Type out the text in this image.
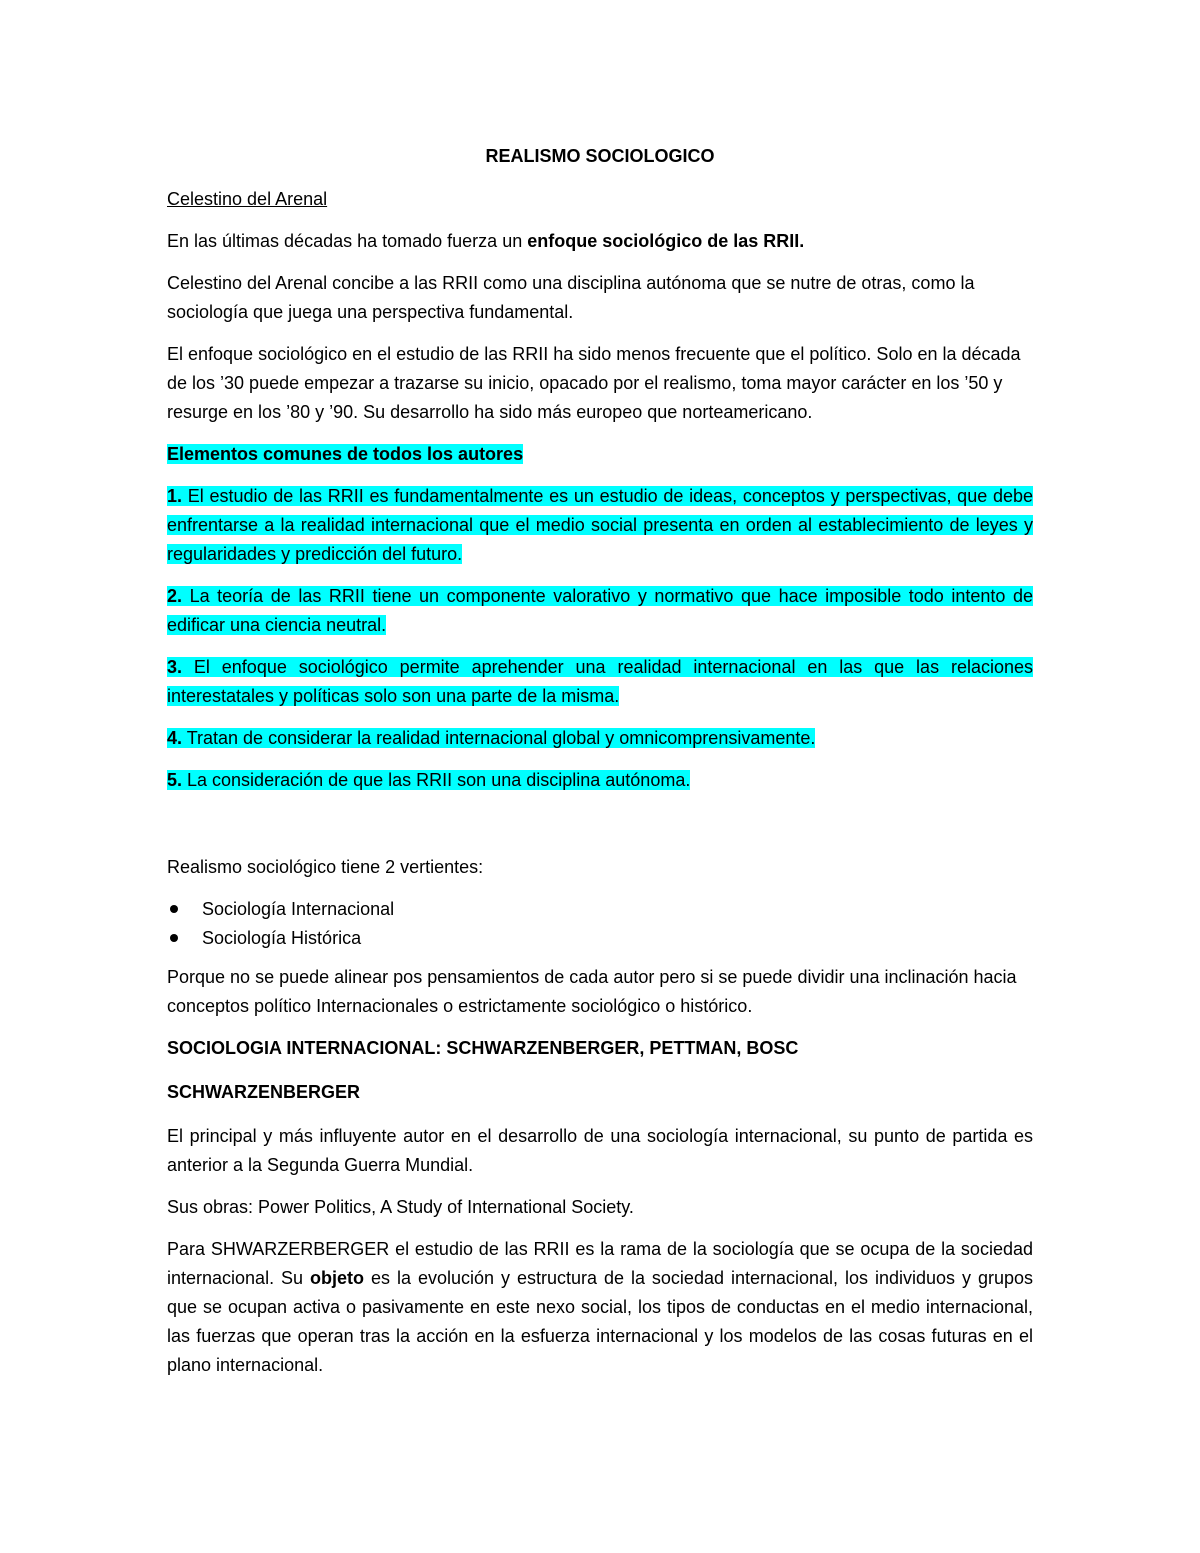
REALISMO SOCIOLOGICO

Celestino del Arenal

En las últimas décadas ha tomado fuerza un enfoque sociológico de las RRII.

Celestino del Arenal concibe a las RRII como una disciplina autónoma que se nutre de otras, como la sociología que juega una perspectiva fundamental.

El enfoque sociológico en el estudio de las RRII ha sido menos frecuente que el político. Solo en la década de los ’30 puede empezar a trazarse su inicio, opacado por el realismo, toma mayor carácter en los ’50 y resurge en los ’80 y ’90. Su desarrollo ha sido más europeo que norteamericano.

Elementos comunes de todos los autores

1. El estudio de las RRII es fundamentalmente es un estudio de ideas, conceptos y perspectivas, que debe enfrentarse a la realidad internacional que el medio social presenta en orden al establecimiento de leyes y regularidades y predicción del futuro.

2. La teoría de las RRII tiene un componente valorativo y normativo que hace imposible todo intento de edificar una ciencia neutral.

3. El enfoque sociológico permite aprehender una realidad internacional en las que las relaciones interestatales y políticas solo son una parte de la misma.

4. Tratan de considerar la realidad internacional global y omnicomprensivamente.

5. La consideración de que las RRII son una disciplina autónoma.

Realismo sociológico tiene 2 vertientes:

Sociología Internacional
Sociología Histórica

Porque no se puede alinear pos pensamientos de cada autor pero si se puede dividir una inclinación hacia conceptos político Internacionales o estrictamente sociológico o histórico.

SOCIOLOGIA INTERNACIONAL: SCHWARZENBERGER, PETTMAN, BOSC

SCHWARZENBERGER

El principal y más influyente autor en el desarrollo de una sociología internacional, su punto de partida es anterior a la Segunda Guerra Mundial.

Sus obras: Power Politics, A Study of International Society.

Para SHWARZERBERGER el estudio de las RRII es la rama de la sociología que se ocupa de la sociedad internacional. Su objeto es la evolución y estructura de la sociedad internacional, los individuos y grupos que se ocupan activa o pasivamente en este nexo social, los tipos de conductas en el medio internacional, las fuerzas que operan tras la acción en la esfuerza internacional y los modelos de las cosas futuras en el plano internacional.
